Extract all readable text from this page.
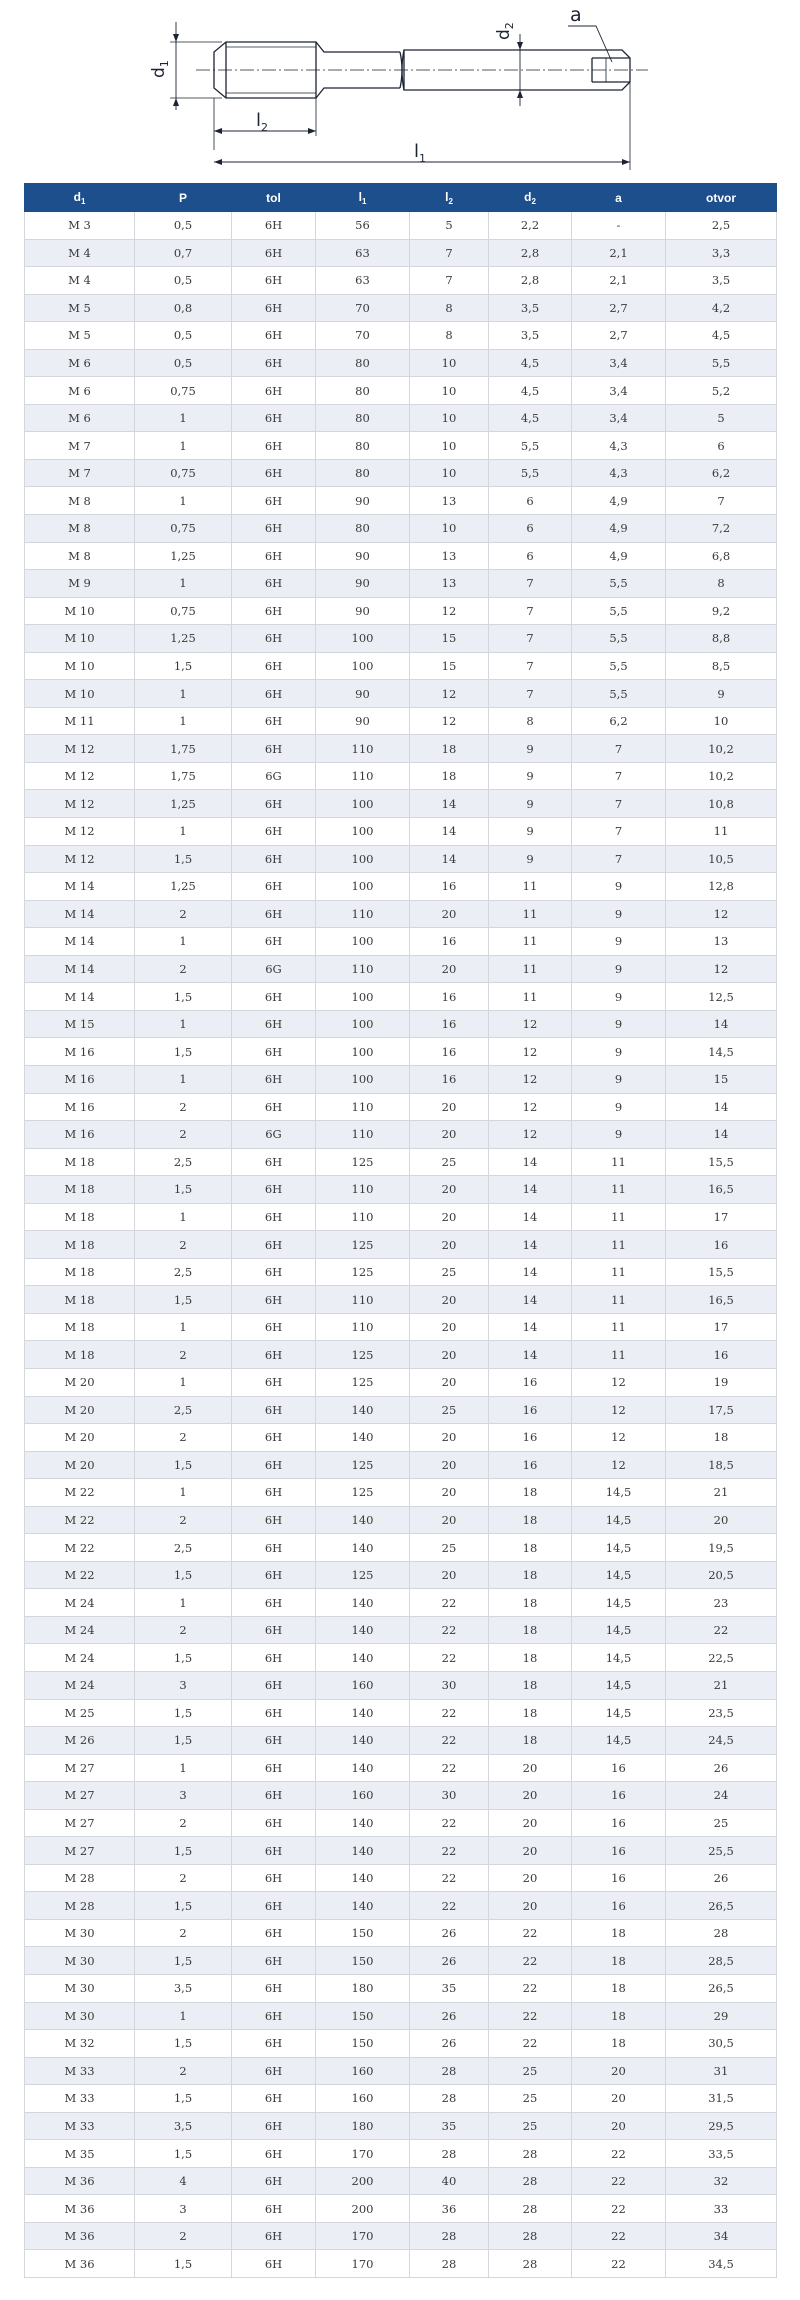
$d_1$
$d_2$	a
$l_2$
$l_1$
$d_1$	P	tol	$l_1$	$l_2$	$d_2$	a	otvor
M 3	0,5	6H	56	5	2,2	-	2,5
M 4	0,7	6H	63	7	2,8	2,1	3,3
M 4	0,5	6H	63	7	2,8	2,1	3,5
M 5	0,8	6H	70	8	3,5	2,7	4,2
M 5	0,5	6H	70	8	3,5	2,7	4,5
M 6	0,5	6H	80	10	4,5	3,4	5,5
M 6	0,75	6H	80	10	4,5	3,4	5,2
M 6	1	6H	80	10	4,5	3,4	5
M 7	1	6H	80	10	5,5	4,3	6
M 7	0,75	6H	80	10	5,5	4,3	6,2
M 8	1	6H	90	13	6	4,9	7
M 8	0,75	6H	80	10	6	4,9	7,2
M 8	1,25	6H	90	13	6	4,9	6,8
M 9	1	6H	90	13	7	5,5	8
M 10	0,75	6H	90	12	7	5,5	9,2
M 10	1,25	6H	100	15	7	5,5	8,8
M 10	1,5	6H	100	15	7	5,5	8,5
M 10	1	6H	90	12	7	5,5	9
M 11	1	6H	90	12	8	6,2	10
M 12	1,75	6H	110	18	9	7	10,2
M 12	1,75	6G	110	18	9	7	10,2
M 12	1,25	6H	100	14	9	7	10,8
M 12	1	6H	100	14	9	7	11
M 12	1,5	6H	100	14	9	7	10,5
M 14	1,25	6H	100	16	11	9	12,8
M 14	2	6H	110	20	11	9	12
M 14	1	6H	100	16	11	9	13
M 14	2	6G	110	20	11	9	12
M 14	1,5	6H	100	16	11	9	12,5
M 15	1	6H	100	16	12	9	14
M 16	1,5	6H	100	16	12	9	14,5
M 16	1	6H	100	16	12	9	15
M 16	2	6H	110	20	12	9	14
M 16	2	6G	110	20	12	9	14
M 18	2,5	6H	125	25	14	11	15,5
M 18	1,5	6H	110	20	14	11	16,5
M 18	1	6H	110	20	14	11	17
M 18	2	6H	125	20	14	11	16
M 18	2,5	6H	125	25	14	11	15,5
M 18	1,5	6H	110	20	14	11	16,5
M 18	1	6H	110	20	14	11	17
M 18	2	6H	125	20	14	11	16
M 20	1	6H	125	20	16	12	19
M 20	2,5	6H	140	25	16	12	17,5
M 20	2	6H	140	20	16	12	18
M 20	1,5	6H	125	20	16	12	18,5
M 22	1	6H	125	20	18	14,5	21
M 22	2	6H	140	20	18	14,5	20
M 22	2,5	6H	140	25	18	14,5	19,5
M 22	1,5	6H	125	20	18	14,5	20,5
M 24	1	6H	140	22	18	14,5	23
M 24	2	6H	140	22	18	14,5	22
M 24	1,5	6H	140	22	18	14,5	22,5
M 24	3	6H	160	30	18	14,5	21
M 25	1,5	6H	140	22	18	14,5	23,5
M 26	1,5	6H	140	22	18	14,5	24,5
M 27	1	6H	140	22	20	16	26
M 27	3	6H	160	30	20	16	24
M 27	2	6H	140	22	20	16	25
M 27	1,5	6H	140	22	20	16	25,5
M 28	2	6H	140	22	20	16	26
M 28	1,5	6H	140	22	20	16	26,5
M 30	2	6H	150	26	22	18	28
M 30	1,5	6H	150	26	22	18	28,5
M 30	3,5	6H	180	35	22	18	26,5
M 30	1	6H	150	26	22	18	29
M 32	1,5	6H	150	26	22	18	30,5
M 33	2	6H	160	28	25	20	31
M 33	1,5	6H	160	28	25	20	31,5
M 33	3,5	6H	180	35	25	20	29,5
M 35	1,5	6H	170	28	28	22	33,5
M 36	4	6H	200	40	28	22	32
M 36	3	6H	200	36	28	22	33
M 36	2	6H	170	28	28	22	34
M 36	1,5	6H	170	28	28	22	34,5
